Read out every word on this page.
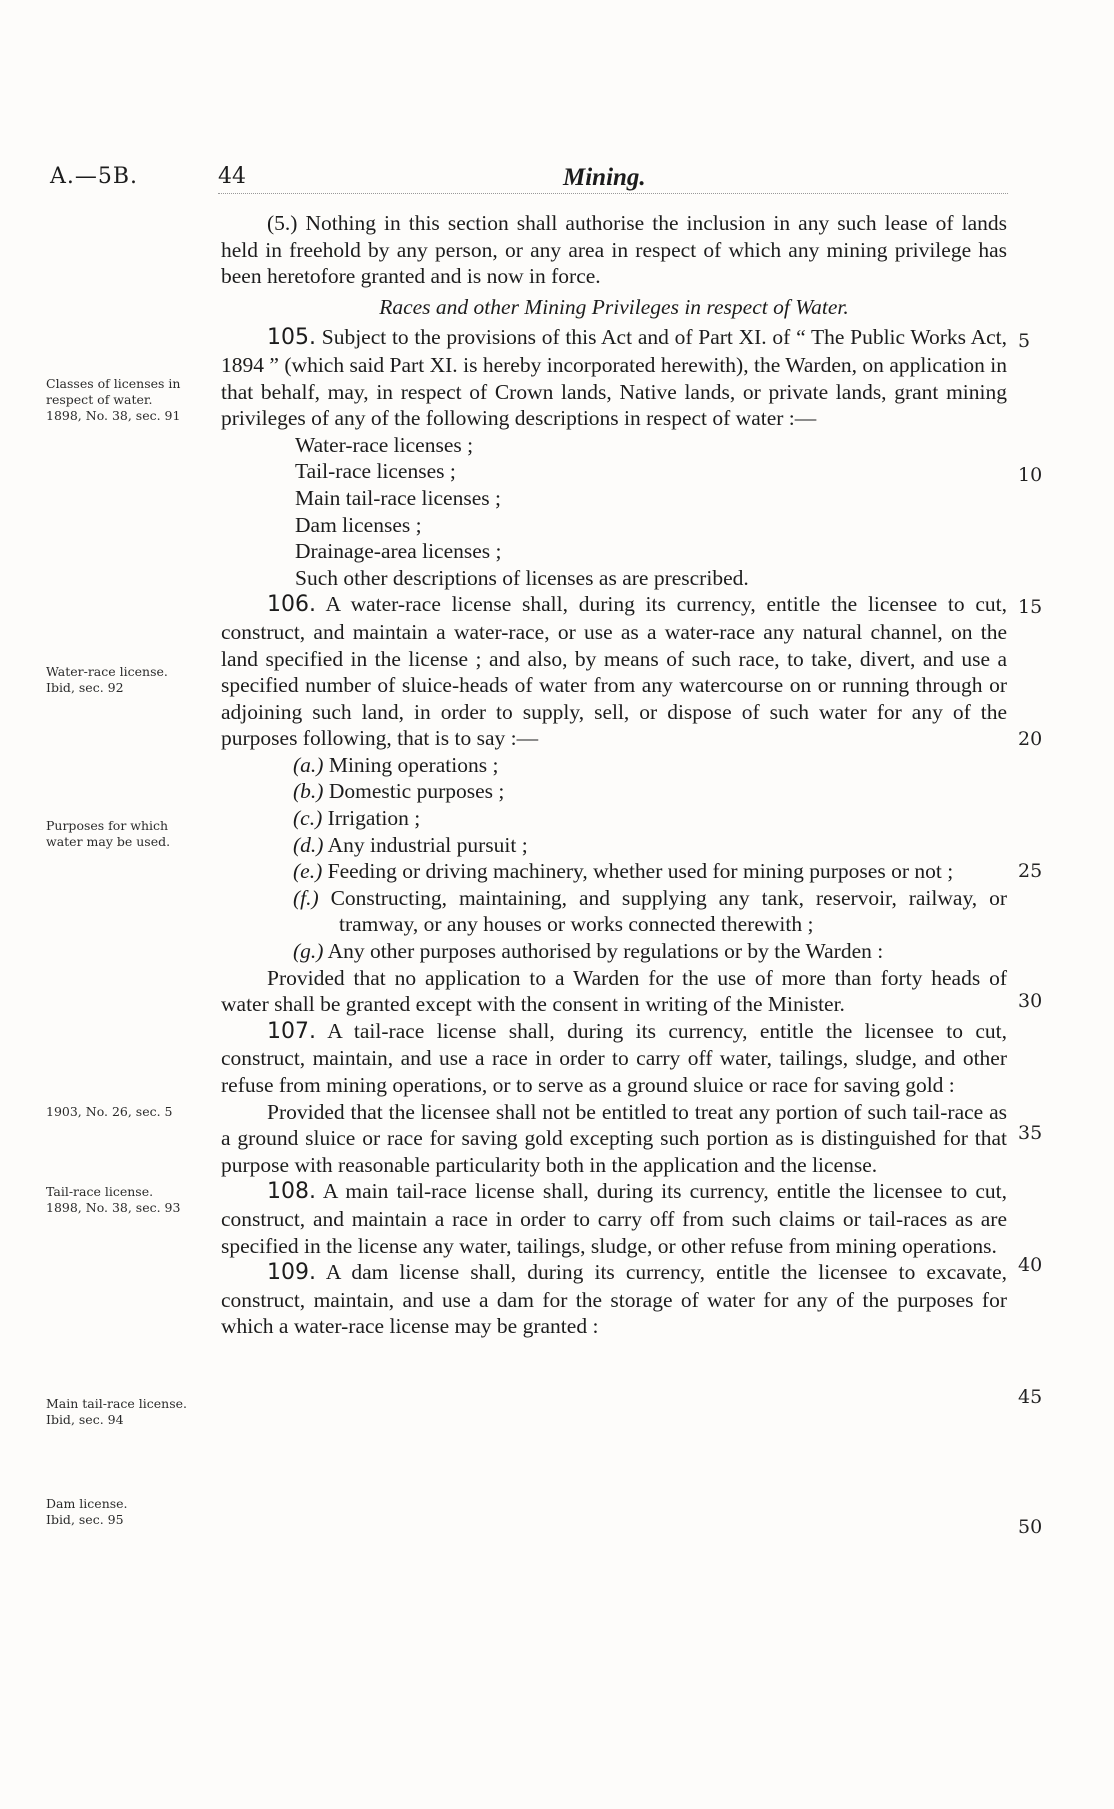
A.—5B.	44	Mining.
Classes of licenses in respect of water.
1898, No. 38, sec. 91
Water-race license.
Ibid, sec. 92
Purposes for which water may be used.
1903, No. 26, sec. 5
Tail-race license.
1898, No. 38, sec. 93
Main tail-race license.
Ibid, sec. 94
Dam license.
Ibid, sec. 95
5
10
15
20
25
30
35
40
45
50

(5.) Nothing in this section shall authorise the inclusion in any such lease of lands held in freehold by any person, or any area in respect of which any mining privilege has been heretofore granted and is now in force.

Races and other Mining Privileges in respect of Water.

105. Subject to the provisions of this Act and of Part XI. of “ The Public Works Act, 1894 ” (which said Part XI. is hereby incorporated herewith), the Warden, on application in that behalf, may, in respect of Crown lands, Native lands, or private lands, grant mining privileges of any of the following descriptions in respect of water :—

Water-race licenses ;
Tail-race licenses ;
Main tail-race licenses ;
Dam licenses ;
Drainage-area licenses ;
Such other descriptions of licenses as are prescribed.

106. A water-race license shall, during its currency, entitle the licensee to cut, construct, and maintain a water-race, or use as a water-race any natural channel, on the land specified in the license ; and also, by means of such race, to take, divert, and use a specified number of sluice-heads of water from any watercourse on or running through or adjoining such land, in order to supply, sell, or dispose of such water for any of the purposes following, that is to say :—

(a.) Mining operations ;
(b.) Domestic purposes ;
(c.) Irrigation ;
(d.) Any industrial pursuit ;
(e.) Feeding or driving machinery, whether used for mining purposes or not ;
(f.) Constructing, maintaining, and supplying any tank, reservoir, railway, or tramway, or any houses or works connected therewith ;
(g.) Any other purposes authorised by regulations or by the Warden :

Provided that no application to a Warden for the use of more than forty heads of water shall be granted except with the consent in writing of the Minister.

107. A tail-race license shall, during its currency, entitle the licensee to cut, construct, maintain, and use a race in order to carry off water, tailings, sludge, and other refuse from mining operations, or to serve as a ground sluice or race for saving gold :

Provided that the licensee shall not be entitled to treat any portion of such tail-race as a ground sluice or race for saving gold excepting such portion as is distinguished for that purpose with reasonable particularity both in the application and the license.

108. A main tail-race license shall, during its currency, entitle the licensee to cut, construct, and maintain a race in order to carry off from such claims or tail-races as are specified in the license any water, tailings, sludge, or other refuse from mining operations.

109. A dam license shall, during its currency, entitle the licensee to excavate, construct, maintain, and use a dam for the storage of water for any of the purposes for which a water-race license may be granted :
